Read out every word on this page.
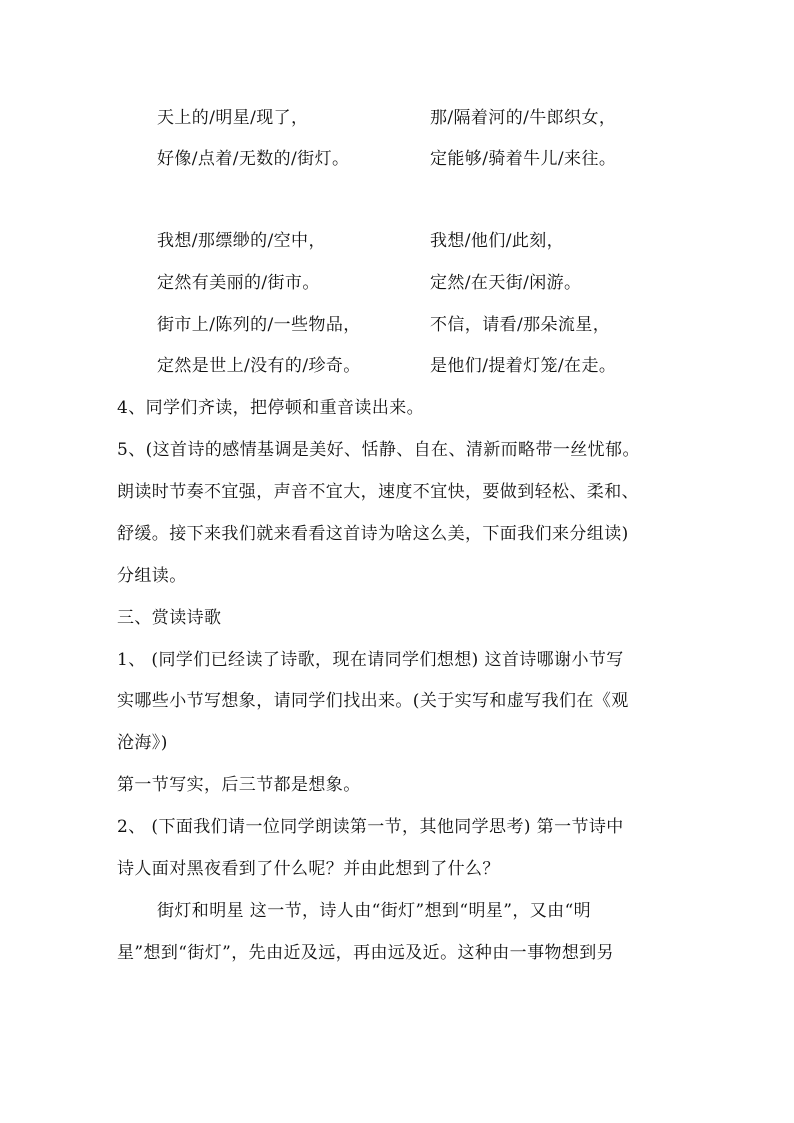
天上的/明星/现了，	那/隔着河的/牛郎织女，
好像/点着/无数的/街灯。	定能够/骑着牛儿/来往。
我想/那缥缈的/空中，	我想/他们/此刻，
定然有美丽的/街市。	定然/在天街/闲游。
街市上/陈列的/一些物品，	不信，请看/那朵流星，
定然是世上/没有的/珍奇。	是他们/提着灯笼/在走。
4、同学们齐读，把停顿和重音读出来。
5、(这首诗的感情基调是美好、恬静、自在、清新而略带一丝忧郁。
朗读时节奏不宜强，声音不宜大，速度不宜快，要做到轻松、柔和、
舒缓。接下来我们就来看看这首诗为啥这么美，下面我们来分组读)
分组读。
三、赏读诗歌
1、 (同学们已经读了诗歌，现在请同学们想想) 这首诗哪谢小节写
实哪些小节写想象，请同学们找出来。(关于实写和虚写我们在《观
沧海》)
第一节写实，后三节都是想象。
2、 (下面我们请一位同学朗读第一节，其他同学思考) 第一节诗中
诗人面对黑夜看到了什么呢？并由此想到了什么？
街灯和明星 这一节，诗人由“街灯”想到“明星”，又由“明
星”想到“街灯”，先由近及远，再由远及近。这种由一事物想到另
